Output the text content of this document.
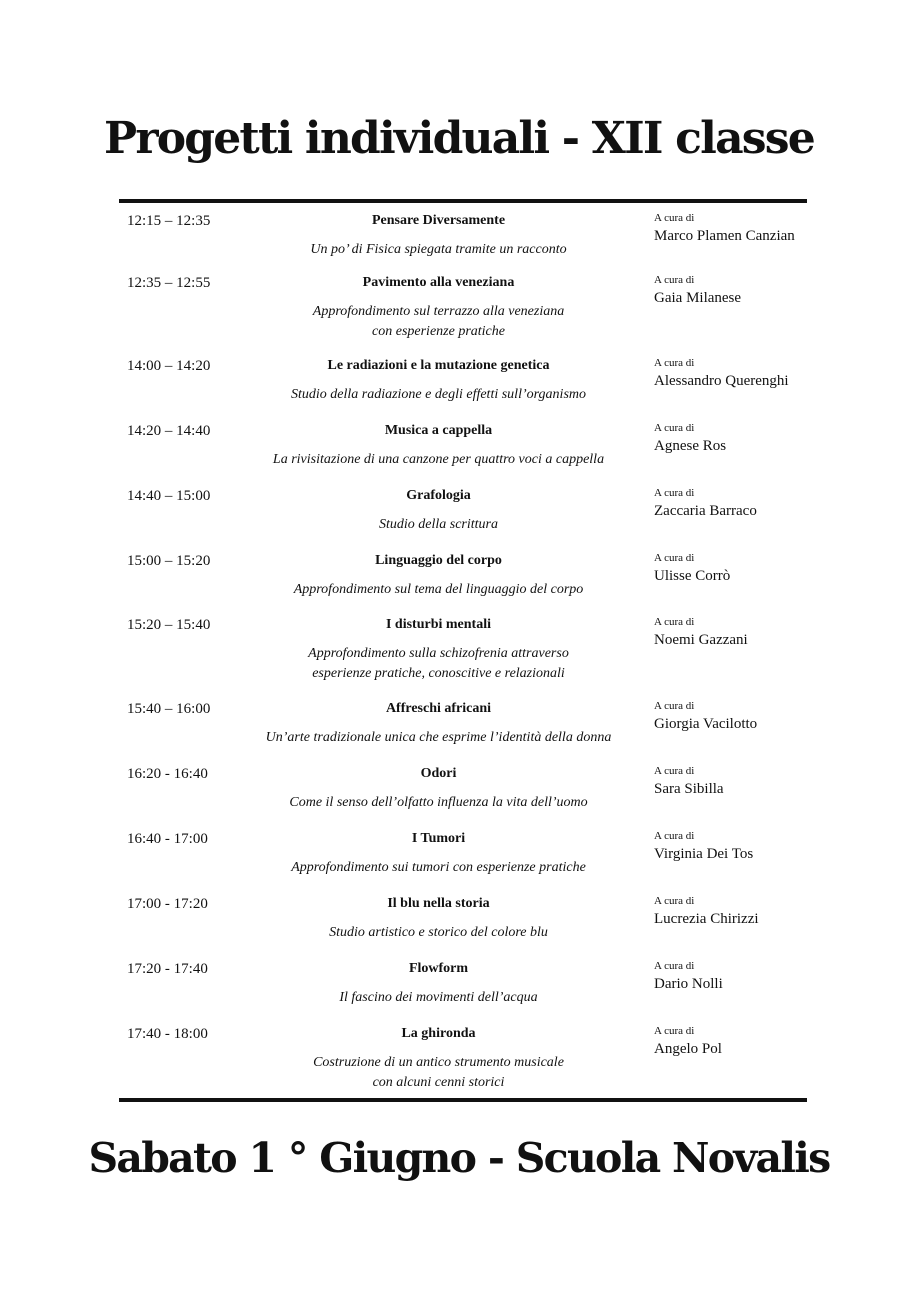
Progetti individuali - XII classe
12:15 – 12:35	Pensare Diversamente
Un po’ di Fisica spiegata tramite un racconto
A cura di
Marco Plamen Canzian
12:35 – 12:55	Pavimento alla veneziana
Approfondimento sul terrazzo alla veneziana
con esperienze pratiche
A cura di
Gaia Milanese
14:00 – 14:20	Le radiazioni e la mutazione genetica
Studio della radiazione e degli effetti sull’organismo
A cura di
Alessandro Querenghi
14:20 – 14:40	Musica a cappella
La rivisitazione di una canzone per quattro voci a cappella
A cura di
Agnese Ros
14:40 – 15:00	Grafologia
Studio della scrittura
A cura di
Zaccaria Barraco
15:00 – 15:20	Linguaggio del corpo
Approfondimento sul tema del linguaggio del corpo
A cura di
Ulisse Corrò
15:20 – 15:40	I disturbi mentali
Approfondimento sulla schizofrenia attraverso
esperienze pratiche, conoscitive e relazionali
A cura di
Noemi Gazzani
15:40 – 16:00	Affreschi africani
Un’arte tradizionale unica che esprime l’identità della donna
A cura di
Giorgia Vacilotto
16:20 - 16:40	Odori
Come il senso dell’olfatto influenza la vita dell’uomo
A cura di
Sara Sibilla
16:40 - 17:00	I Tumori
Approfondimento sui tumori con esperienze pratiche
A cura di
Virginia Dei Tos
17:00 - 17:20	Il blu nella storia
Studio artistico e storico del colore blu
A cura di
Lucrezia Chirizzi
17:20 - 17:40	Flowform
Il fascino dei movimenti dell’acqua
A cura di
Dario Nolli
17:40 - 18:00	La ghironda
Costruzione di un antico strumento musicale
con alcuni cenni storici
A cura di
Angelo Pol
Sabato 1 ° Giugno - Scuola Novalis
